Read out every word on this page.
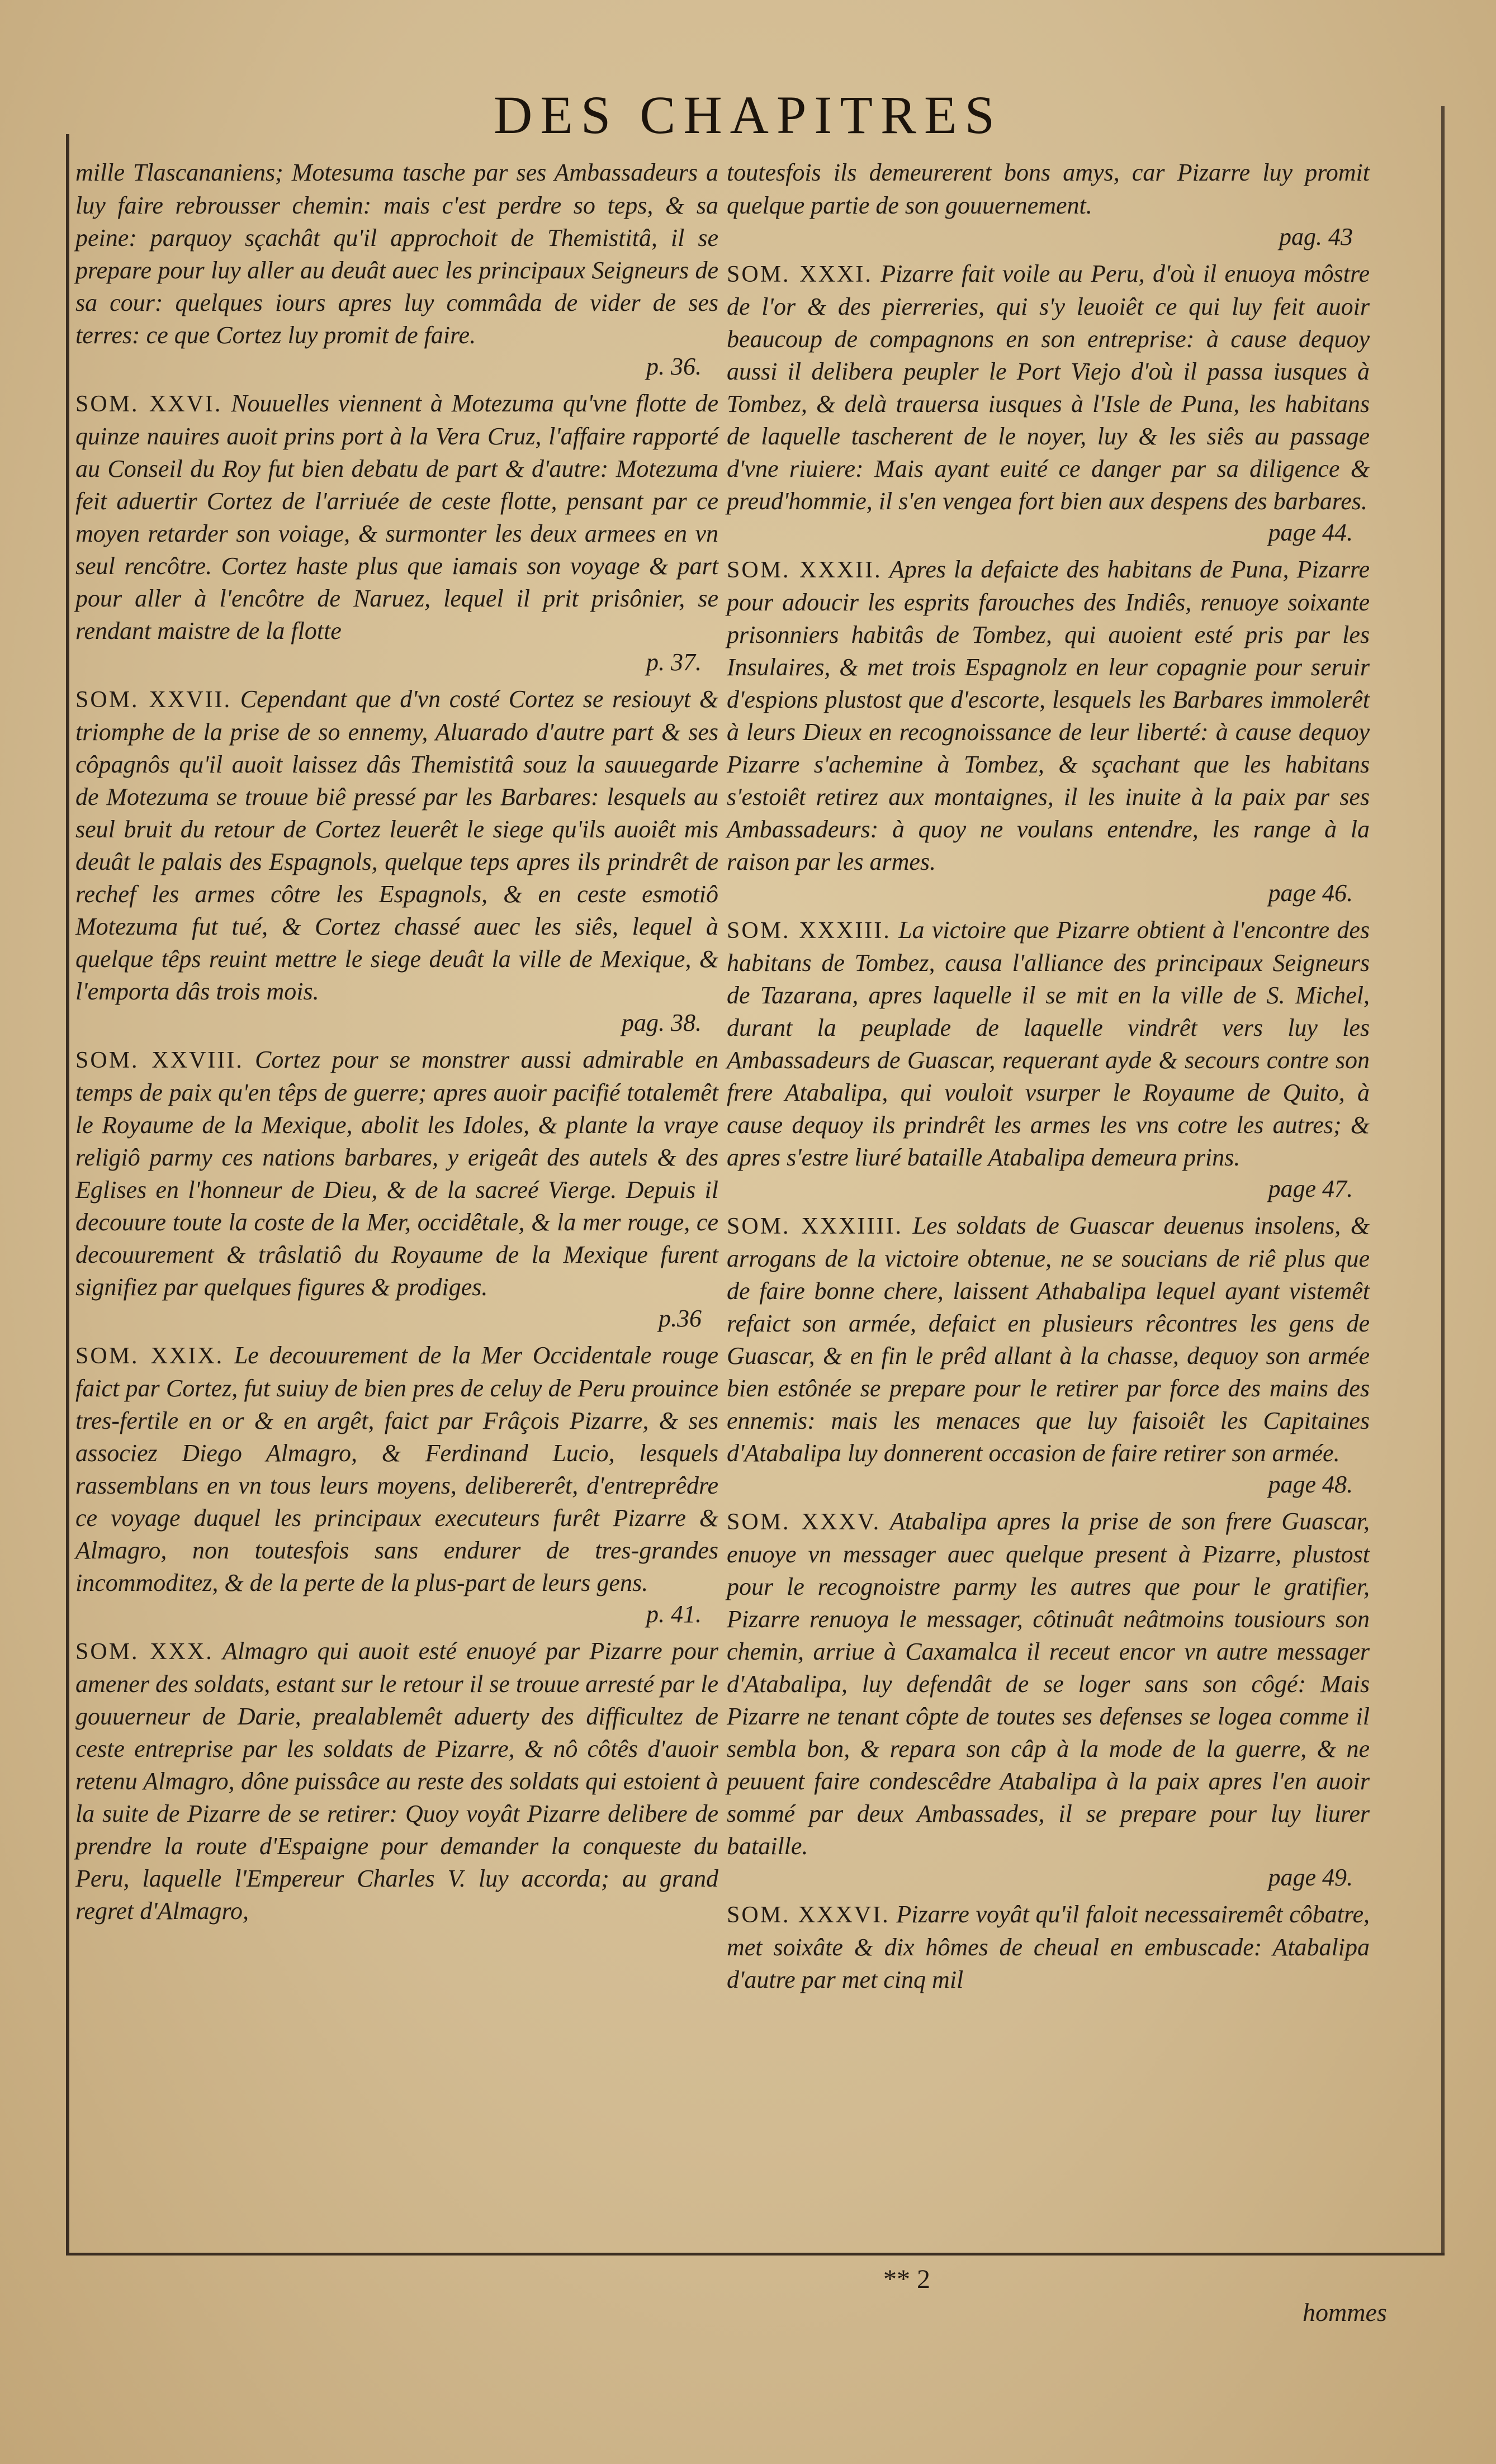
DES CHAPITRES

mille Tlascananiens; Motesuma tasche par ses Ambassadeurs a luy faire rebrousser chemin: mais c'est perdre so teps, & sa peine: parquoy sçachât qu'il approchoit de Themistitâ, il se prepare pour luy aller au deuât auec les principaux Seigneurs de sa cour: quelques iours apres luy commâda de vider de ses terres: ce que Cortez luy promit de faire.
p. 36.

SOM. XXVI. Nouuelles viennent à Motezuma qu'vne flotte de quinze nauires auoit prins port à la Vera Cruz, l'affaire rapporté au Conseil du Roy fut bien debatu de part & d'autre: Motezuma feit aduertir Cortez de l'arriuée de ceste flotte, pensant par ce moyen retarder son voiage, & surmonter les deux armees en vn seul rencôtre. Cortez haste plus que iamais son voyage & part pour aller à l'encôtre de Naruez, lequel il prit prisônier, se rendant maistre de la flotte
p. 37.

SOM. XXVII. Cependant que d'vn costé Cortez se resiouyt & triomphe de la prise de so ennemy, Aluarado d'autre part & ses côpagnôs qu'il auoit laissez dâs Themistitâ souz la sauuegarde de Motezuma se trouue biê pressé par les Barbares: lesquels au seul bruit du retour de Cortez leuerêt le siege qu'ils auoiêt mis deuât le palais des Espagnols, quelque teps apres ils prindrêt de rechef les armes côtre les Espagnols, & en ceste esmotiô Motezuma fut tué, & Cortez chassé auec les siês, lequel à quelque têps reuint mettre le siege deuât la ville de Mexique, & l'emporta dâs trois mois.
pag. 38.

SOM. XXVIII. Cortez pour se monstrer aussi admirable en temps de paix qu'en têps de guerre; apres auoir pacifié totalemêt le Royaume de la Mexique, abolit les Idoles, & plante la vraye religiô parmy ces nations barbares, y erigeât des autels & des Eglises en l'honneur de Dieu, & de la sacreé Vierge. Depuis il decouure toute la coste de la Mer, occidêtale, & la mer rouge, ce decouurement & trâslatiô du Royaume de la Mexique furent signifiez par quelques figures & prodiges.
p.36

SOM. XXIX. Le decouurement de la Mer Occidentale rouge faict par Cortez, fut suiuy de bien pres de celuy de Peru prouince tres-fertile en or & en argêt, faict par Frâçois Pizarre, & ses associez Diego Almagro, & Ferdinand Lucio, lesquels rassemblans en vn tous leurs moyens, delibererêt, d'entreprêdre ce voyage duquel les principaux executeurs furêt Pizarre & Almagro, non toutesfois sans endurer de tres-grandes incommoditez, & de la perte de la plus-part de leurs gens.
p. 41.

SOM. XXX. Almagro qui auoit esté enuoyé par Pizarre pour amener des soldats, estant sur le retour il se trouue arresté par le gouuerneur de Darie, prealablemêt aduerty des difficultez de ceste entreprise par les soldats de Pizarre, & nô côtês d'auoir retenu Almagro, dône puissâce au reste des soldats qui estoient à la suite de Pizarre de se retirer: Quoy voyât Pizarre delibere de prendre la route d'Espaigne pour demander la conqueste du Peru, laquelle l'Empereur Charles V. luy accorda; au grand regret d'Almagro,

toutesfois ils demeurerent bons amys, car Pizarre luy promit quelque partie de son gouuernement.
pag. 43

SOM. XXXI. Pizarre fait voile au Peru, d'où il enuoya môstre de l'or & des pierreries, qui s'y leuoiêt ce qui luy feit auoir beaucoup de compagnons en son entreprise: à cause dequoy aussi il delibera peupler le Port Viejo d'où il passa iusques à Tombez, & delà trauersa iusques à l'Isle de Puna, les habitans de laquelle tascherent de le noyer, luy & les siês au passage d'vne riuiere: Mais ayant euité ce danger par sa diligence & preud'hommie, il s'en vengea fort bien aux despens des barbares.
page 44.

SOM. XXXII. Apres la defaicte des habitans de Puna, Pizarre pour adoucir les esprits farouches des Indiês, renuoye soixante prisonniers habitâs de Tombez, qui auoient esté pris par les Insulaires, & met trois Espagnolz en leur copagnie pour seruir d'espions plustost que d'escorte, lesquels les Barbares immolerêt à leurs Dieux en recognoissance de leur liberté: à cause dequoy Pizarre s'achemine à Tombez, & sçachant que les habitans s'estoiêt retirez aux montaignes, il les inuite à la paix par ses Ambassadeurs: à quoy ne voulans entendre, les range à la raison par les armes.
page 46.

SOM. XXXIII. La victoire que Pizarre obtient à l'encontre des habitans de Tombez, causa l'alliance des principaux Seigneurs de Tazarana, apres laquelle il se mit en la ville de S. Michel, durant la peuplade de laquelle vindrêt vers luy les Ambassadeurs de Guascar, requerant ayde & secours contre son frere Atabalipa, qui vouloit vsurper le Royaume de Quito, à cause dequoy ils prindrêt les armes les vns cotre les autres; & apres s'estre liuré bataille Atabalipa demeura prins.
page 47.

SOM. XXXIIII. Les soldats de Guascar deuenus insolens, & arrogans de la victoire obtenue, ne se soucians de riê plus que de faire bonne chere, laissent Athabalipa lequel ayant vistemêt refaict son armée, defaict en plusieurs rêcontres les gens de Guascar, & en fin le prêd allant à la chasse, dequoy son armée bien estônée se prepare pour le retirer par force des mains des ennemis: mais les menaces que luy faisoiêt les Capitaines d'Atabalipa luy donnerent occasion de faire retirer son armée.
page 48.

SOM. XXXV. Atabalipa apres la prise de son frere Guascar, enuoye vn messager auec quelque present à Pizarre, plustost pour le recognoistre parmy les autres que pour le gratifier, Pizarre renuoya le messager, côtinuât neâtmoins tousiours son chemin, arriue à Caxamalca il receut encor vn autre messager d'Atabalipa, luy defendât de se loger sans son côgé: Mais Pizarre ne tenant côpte de toutes ses defenses se logea comme il sembla bon, & repara son câp à la mode de la guerre, & ne peuuent faire condescêdre Atabalipa à la paix apres l'en auoir sommé par deux Ambassades, il se prepare pour luy liurer bataille.
page 49.

SOM. XXXVI. Pizarre voyât qu'il faloit necessairemêt côbatre, met soixâte & dix hômes de cheual en embuscade: Atabalipa d'autre par met cinq mil

** 2
hommes
